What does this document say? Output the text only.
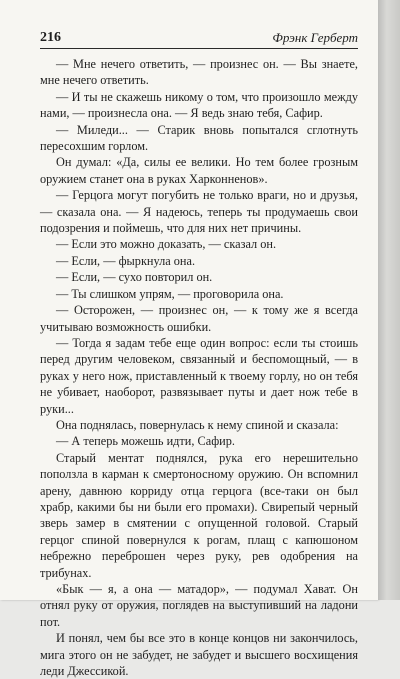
216	Фрэнк Герберт

— Мне нечего ответить, — произнес он. — Вы знаете, мне нечего ответить.

— И ты не скажешь никому о том, что произошло между нами, — произнесла она. — Я ведь знаю тебя, Сафир.

— Миледи... — Старик вновь попытался сглотнуть пересохшим горлом.

Он думал: «Да, силы ее велики. Но тем более грозным оружием станет она в руках Харконненов».

— Герцога могут погубить не только враги, но и друзья, — сказала она. — Я надеюсь, теперь ты продумаешь свои подозрения и поймешь, что для них нет причины.

— Если это можно доказать, — сказал он.

— Если, — фыркнула она.

— Если, — сухо повторил он.

— Ты слишком упрям, — проговорила она.

— Осторожен, — произнес он, — к тому же я всегда учитываю возможность ошибки.

— Тогда я задам тебе еще один вопрос: если ты стоишь перед другим человеком, связанный и беспомощный, — в руках у него нож, приставленный к твоему горлу, но он тебя не убивает, наоборот, развязывает путы и дает нож тебе в руки...

Она поднялась, повернулась к нему спиной и сказала:

— А теперь можешь идти, Сафир.

Старый ментат поднялся, рука его нерешительно поползла в карман к смертоносному оружию. Он вспомнил арену, давнюю корриду отца герцога (все-таки он был храбр, какими бы ни были его промахи). Свирепый черный зверь замер в смятении с опущенной головой. Старый герцог спиной повернулся к рогам, плащ с капюшоном небрежно переброшен через руку, рев одобрения на трибунах.

«Бык — я, а она — матадор», — подумал Хават. Он отнял руку от оружия, поглядев на выступивший на ладони пот.

И понял, чем бы все это в конце концов ни закончилось, мига этого он не забудет, не забудет и высшего восхищения леди Джессикой.
